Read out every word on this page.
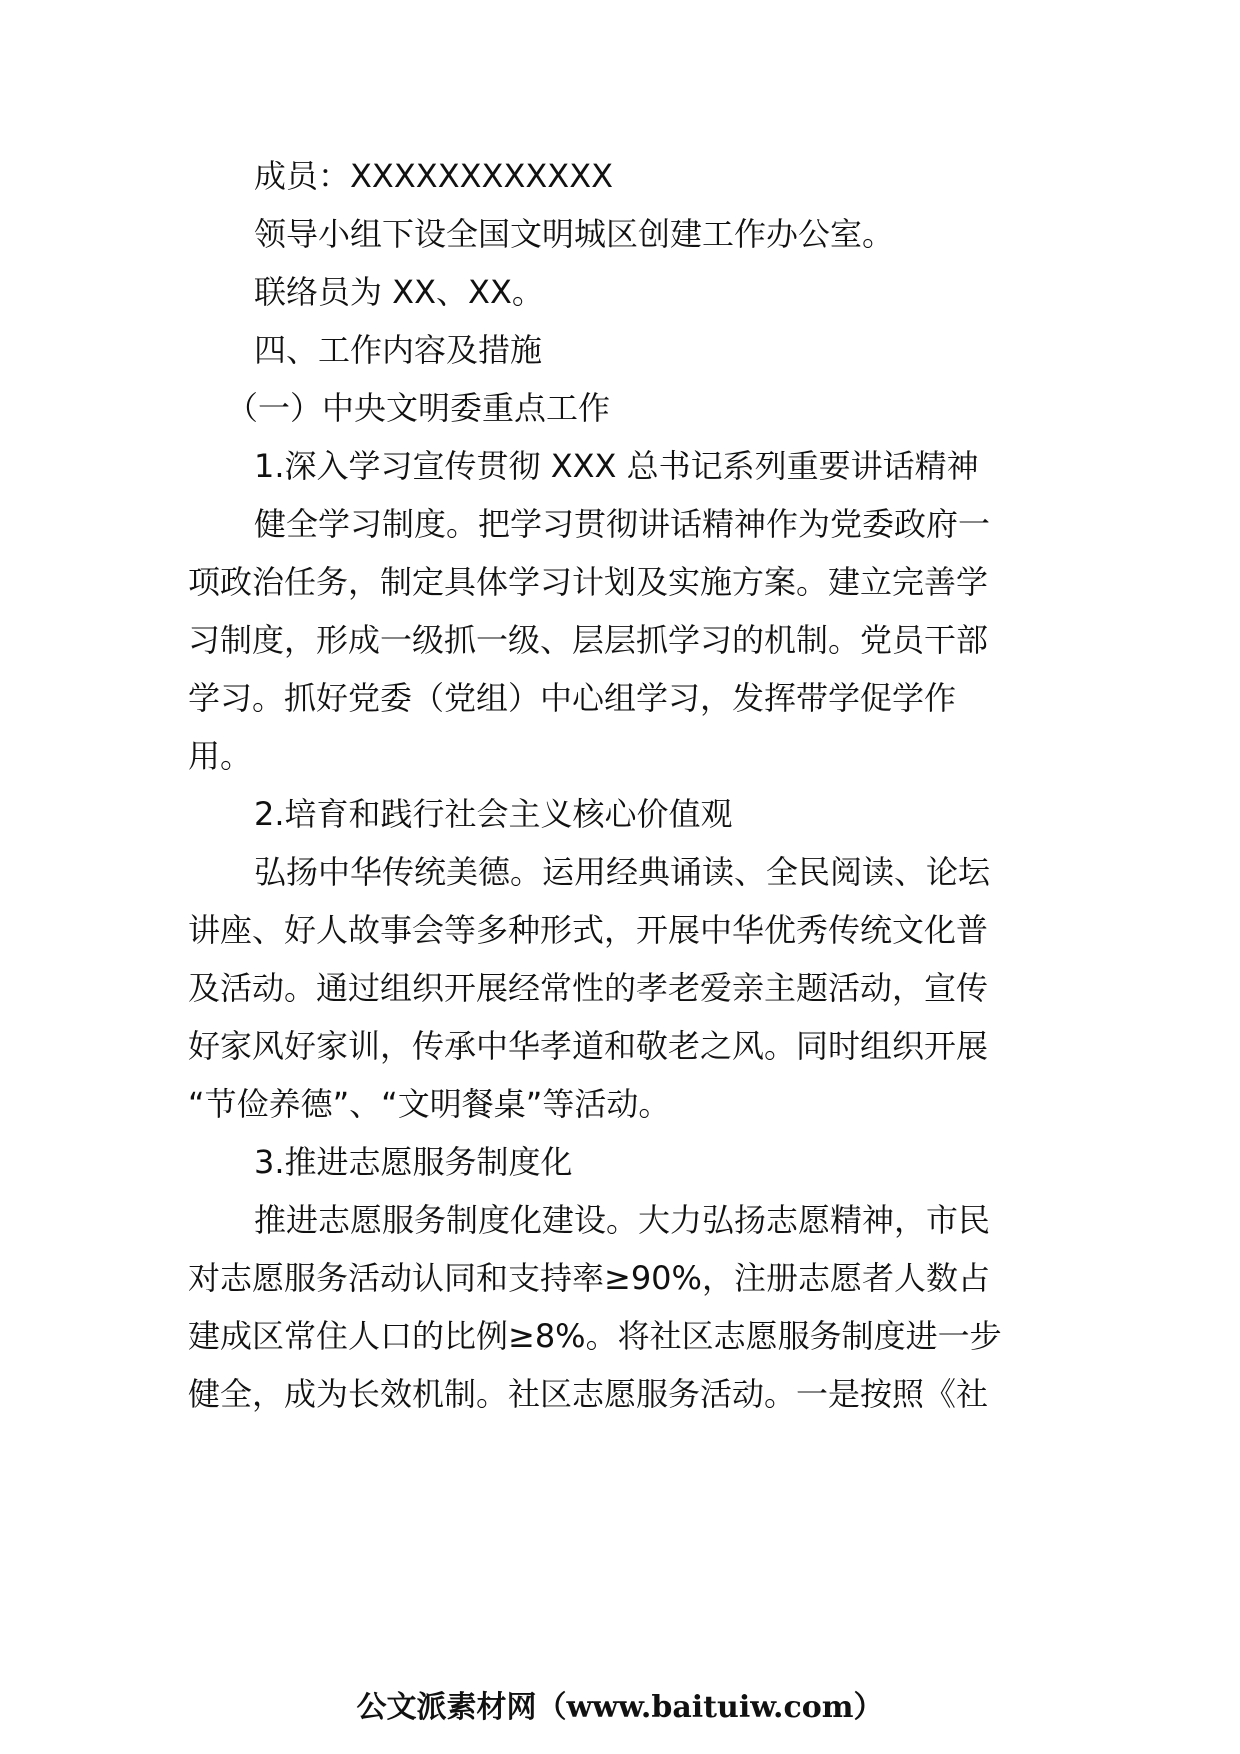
成员：XXXXXXXXXXXX

领导小组下设全国文明城区创建工作办公室。

联络员为 XX、XX。

四、工作内容及措施

（一）中央文明委重点工作

1.深入学习宣传贯彻 XXX 总书记系列重要讲话精神

健全学习制度。把学习贯彻讲话精神作为党委政府一

项政治任务，制定具体学习计划及实施方案。建立完善学

习制度，形成一级抓一级、层层抓学习的机制。党员干部

学习。抓好党委（党组）中心组学习，发挥带学促学作

用。

2.培育和践行社会主义核心价值观

弘扬中华传统美德。运用经典诵读、全民阅读、论坛

讲座、好人故事会等多种形式，开展中华优秀传统文化普

及活动。通过组织开展经常性的孝老爱亲主题活动，宣传

好家风好家训，传承中华孝道和敬老之风。同时组织开展

“节俭养德”、“文明餐桌”等活动。

3.推进志愿服务制度化

推进志愿服务制度化建设。大力弘扬志愿精神，市民

对志愿服务活动认同和支持率≥90%，注册志愿者人数占

建成区常住人口的比例≥8%。将社区志愿服务制度进一步

健全，成为长效机制。社区志愿服务活动。一是按照《社

公文派素材网（www.baituiw.com）
